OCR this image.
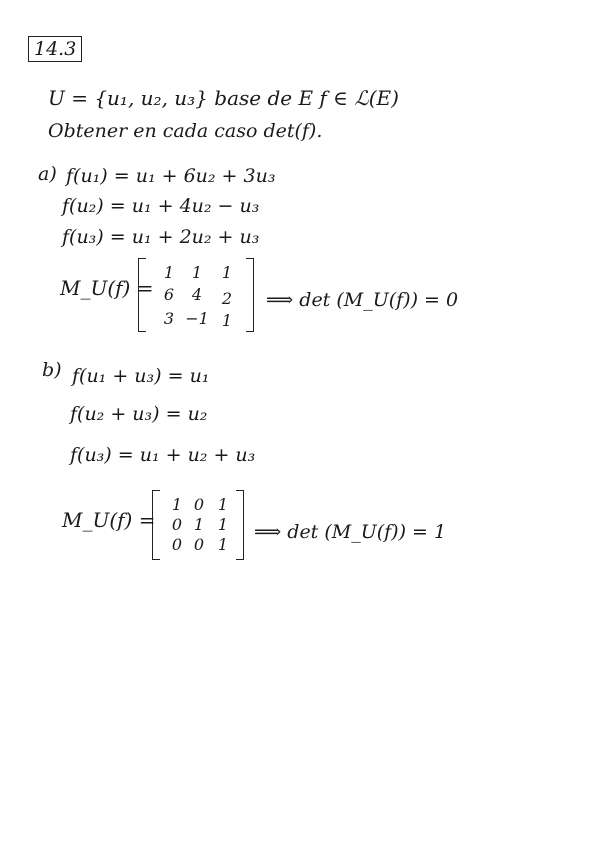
14.3
U = {u₁, u₂, u₃} base de E f ∈ ℒ(E)
Obtener en cada caso det(f).
a) f(u₁) = u₁ + 6u₂ + 3u₃
f(u₂) = u₁ + 4u₂ − u₃
f(u₃) = u₁ + 2u₂ + u₃
M_U(f) =
1	1	1
6	4	2
3 −1 1
⟹ det (M_U(f)) = 0
b) f(u₁ + u₃) = u₁
f(u₂ + u₃) = u₂
f(u₃) = u₁ + u₂ + u₃
M_U(f) =
1 0 1
0 1 1
0 0 1
⟹ det (M_U(f)) = 1
